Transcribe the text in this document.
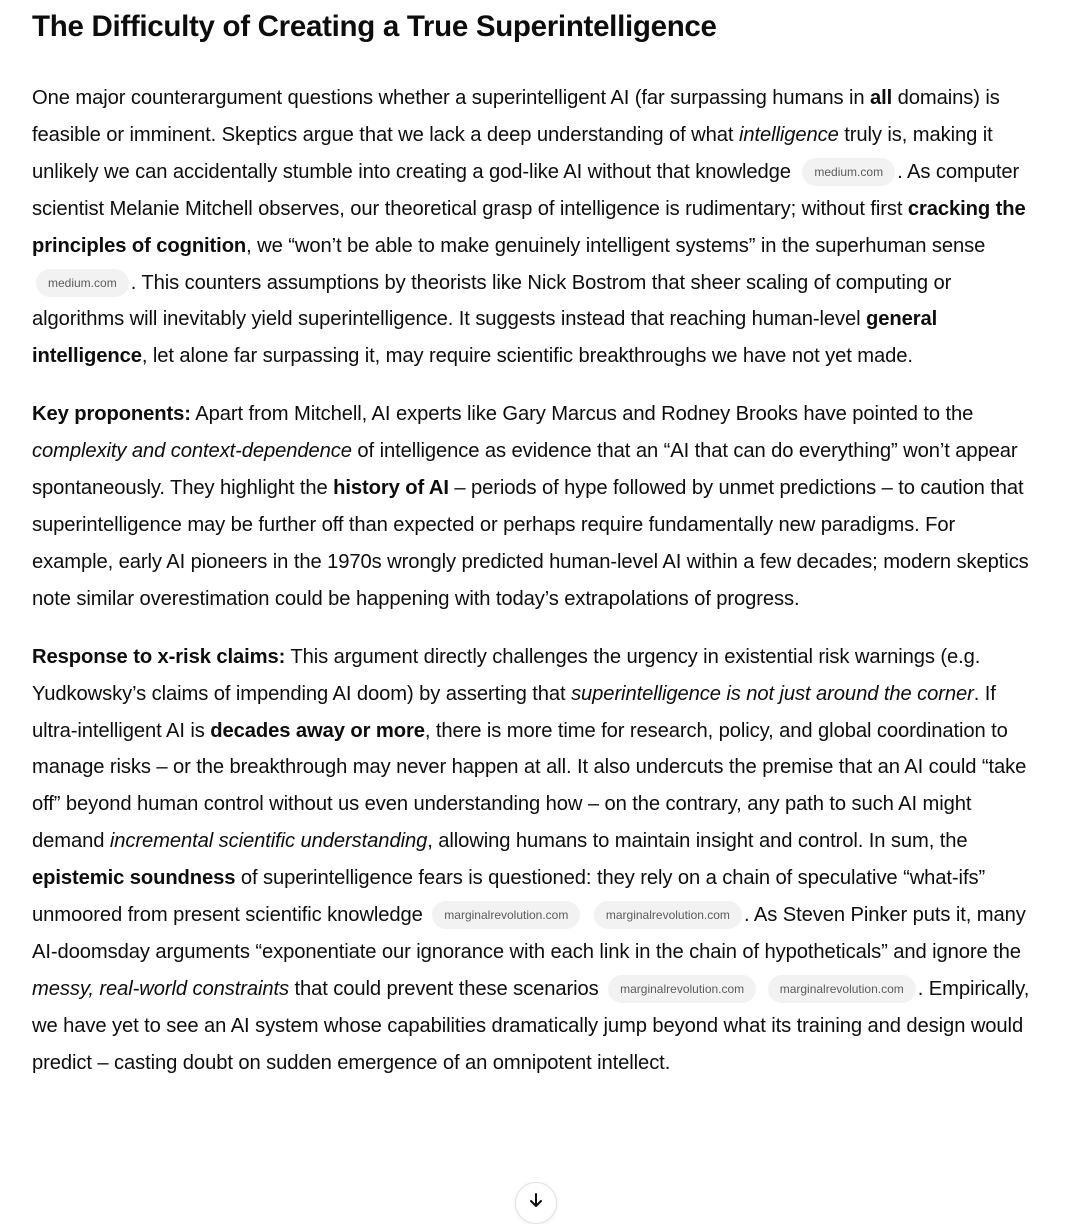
The Difficulty of Creating a True Superintelligence

One major counterargument questions whether a superintelligent AI (far surpassing humans in all domains) is feasible or imminent. Skeptics argue that we lack a deep understanding of what intelligence truly is, making it unlikely we can accidentally stumble into creating a god-like AI without that knowledge medium.com . As computer scientist Melanie Mitchell observes, our theoretical grasp of intelligence is rudimentary; without first cracking the principles of cognition, we “won’t be able to make genuinely intelligent systems” in the superhuman sense medium.com . This counters assumptions by theorists like Nick Bostrom that sheer scaling of computing or algorithms will inevitably yield superintelligence. It suggests instead that reaching human-level general intelligence, let alone far surpassing it, may require scientific breakthroughs we have not yet made.

Key proponents: Apart from Mitchell, AI experts like Gary Marcus and Rodney Brooks have pointed to the complexity and context-dependence of intelligence as evidence that an “AI that can do everything” won’t appear spontaneously. They highlight the history of AI – periods of hype followed by unmet predictions – to caution that superintelligence may be further off than expected or perhaps require fundamentally new paradigms. For example, early AI pioneers in the 1970s wrongly predicted human-level AI within a few decades; modern skeptics note similar overestimation could be happening with today’s extrapolations of progress.

Response to x-risk claims: This argument directly challenges the urgency in existential risk warnings (e.g. Yudkowsky’s claims of impending AI doom) by asserting that superintelligence is not just around the corner. If ultra-intelligent AI is decades away or more, there is more time for research, policy, and global coordination to manage risks – or the breakthrough may never happen at all. It also undercuts the premise that an AI could “take off” beyond human control without us even understanding how – on the contrary, any path to such AI might demand incremental scientific understanding, allowing humans to maintain insight and control. In sum, the epistemic soundness of superintelligence fears is questioned: they rely on a chain of speculative “what-ifs” unmoored from present scientific knowledge marginalrevolution.com	marginalrevolution.com . As Steven Pinker puts it, many AI-doomsday arguments “exponentiate our ignorance with each link in the chain of hypotheticals” and ignore the messy, real-world constraints that could prevent these scenarios marginalrevolution.com	marginalrevolution.com . Empirically, we have yet to see an AI system whose capabilities dramatically jump beyond what its training and design would predict – casting doubt on sudden emergence of an omnipotent intellect.
